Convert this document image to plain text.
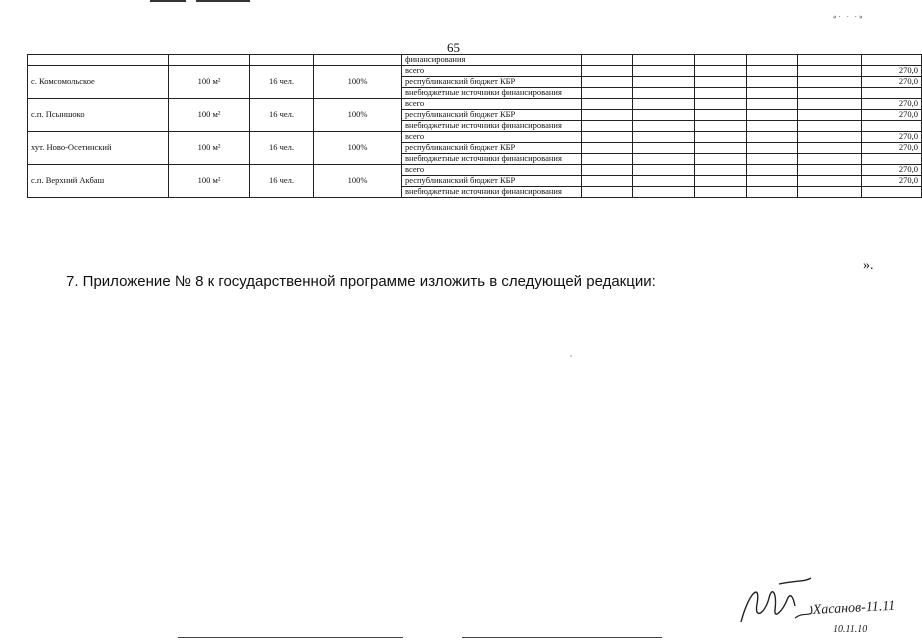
«· · ·»
65
				финансирования						
с. Комсомольское	100 м²	16 чел.	100%	всего						270,0
				республиканский бюджет КБР						270,0
				внебюджетные источники финансирования						
с.п. Псыншоко	100 м²	16 чел.	100%	всего						270,0
				республиканский бюджет КБР						270,0
				внебюджетные источники финансирования						
хут. Ново-Осетинский	100 м²	16 чел.	100%	всего						270,0
				республиканский бюджет КБР						270,0
				внебюджетные источники финансирования						
с.п. Верхний Акбаш	100 м²	16 чел.	100%	всего						270,0
				республиканский бюджет КБР						270,0
				внебюджетные источники финансирования						
».
7. Приложение № 8 к государственной программе изложить в следующей редакции:
Хасанов-11.11
10.11.10
